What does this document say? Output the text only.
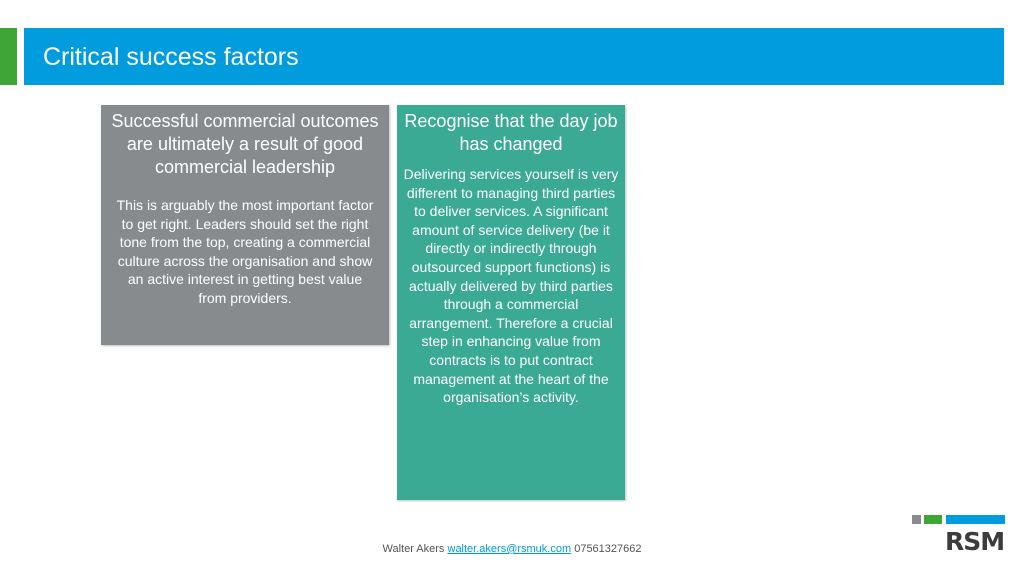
Critical success factors

Successful commercial outcomes are ultimately a result of good commercial leadership

This is arguably the most important factor to get right. Leaders should set the right tone from the top, creating a commercial culture across the organisation and show an active interest in getting best value from providers.

Recognise that the day job has changed

Delivering services yourself is very different to managing third parties to deliver services. A significant amount of service delivery (be it directly or indirectly through outsourced support functions) is actually delivered by third parties through a commercial arrangement. Therefore a crucial step in enhancing value from contracts is to put contract management at the heart of the organisation’s activity.

Walter Akers walter.akers@rsmuk.com 07561327662	RSM
